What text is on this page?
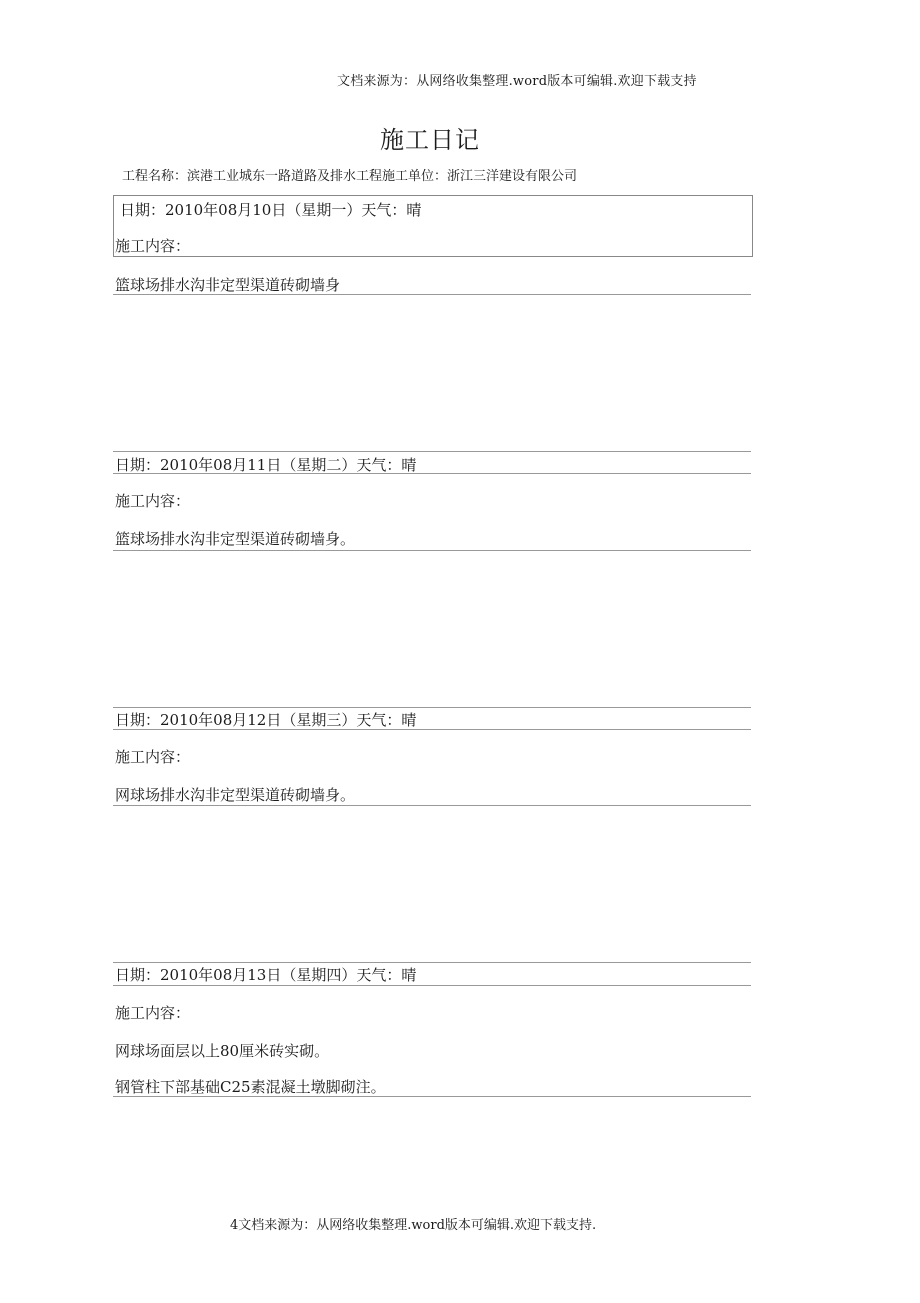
文档来源为：从网络收集整理.word版本可编辑.欢迎下载支持
施工日记
工程名称：滨港工业城东一路道路及排水工程施工单位：浙江三洋建设有限公司
日期：2010年08月10日（星期一）天气：晴
施工内容：
篮球场排水沟非定型渠道砖砌墙身
日期：2010年08月11日（星期二）天气：晴
施工内容：
篮球场排水沟非定型渠道砖砌墙身。
日期：2010年08月12日（星期三）天气：晴
施工内容：
网球场排水沟非定型渠道砖砌墙身。
日期：2010年08月13日（星期四）天气：晴
施工内容：
网球场面层以上80厘米砖实砌。
钢管柱下部基础C25素混凝土墩脚砌注。
4文档来源为：从网络收集整理.word版本可编辑.欢迎下载支持.
